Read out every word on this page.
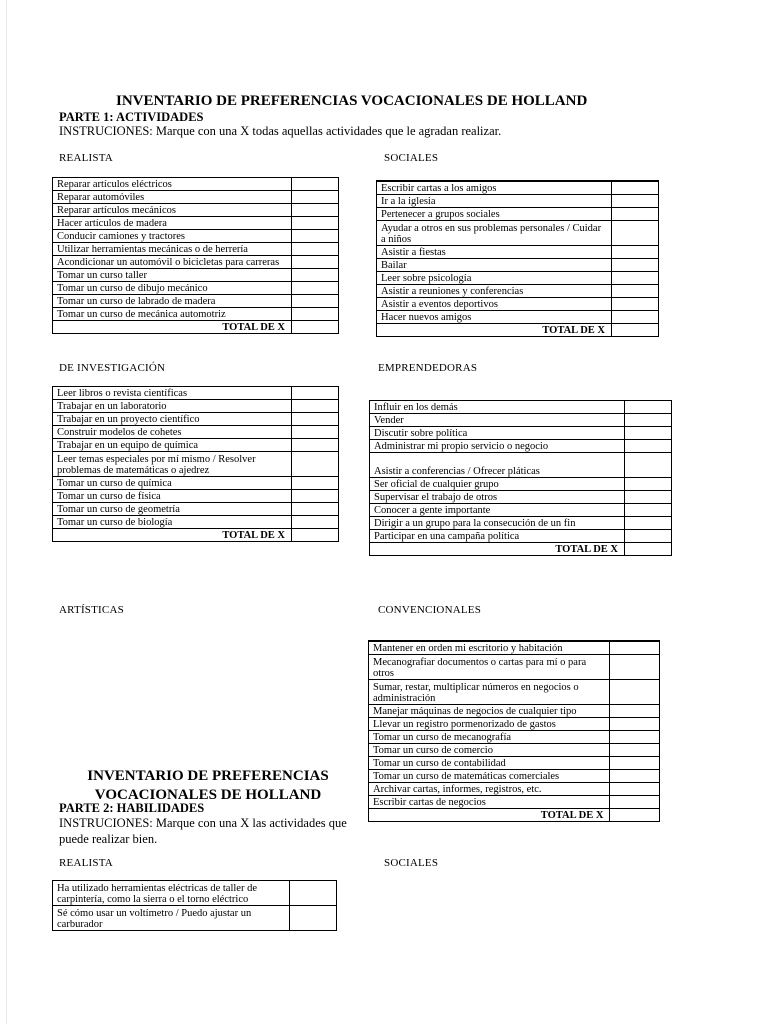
INVENTARIO DE PREFERENCIAS VOCACIONALES DE HOLLAND
PARTE 1: ACTIVIDADES
INSTRUCIONES: Marque con una X todas aquellas actividades que le agradan realizar.
REALISTA
Reparar artículos eléctricos	
Reparar automóviles	
Reparar artículos mecánicos	
Hacer artículos de madera	
Conducir camiones y tractores	
Utilizar herramientas mecánicas o de herrería	
Acondicionar un automóvil o bicicletas para carreras	
Tomar un curso taller	
Tomar un curso de dibujo mecánico	
Tomar un curso de labrado de madera	
Tomar un curso de mecánica automotriz	
TOTAL DE X	
SOCIALES
Escribir cartas a los amigos	
Ir a la iglesia	
Pertenecer a grupos sociales	
Ayudar a otros en sus problemas personales / Cuidar a niños	
Asistir a fiestas	
Bailar	
Leer sobre psicología	
Asistir a reuniones y conferencias	
Asistir a eventos deportivos	
Hacer nuevos amigos	
TOTAL DE X	
DE INVESTIGACIÓN
Leer libros o revista científicas	
Trabajar en un laboratorio	
Trabajar en un proyecto científico	
Construir modelos de cohetes	
Trabajar en un equipo de química	
Leer temas especiales por mí mismo / Resolver problemas de matemáticas o ajedrez	
Tomar un curso de química	
Tomar un curso de física	
Tomar un curso de geometría	
Tomar un curso de biología	
TOTAL DE X	
EMPRENDEDORAS
Influir en los demás	
Vender	
Discutir sobre política	
Administrar mi propio servicio o negocio	
Asistir a conferencias / Ofrecer pláticas	
Ser oficial de cualquier grupo	
Supervisar el trabajo de otros	
Conocer a gente importante	
Dirigir a un grupo para la consecución de un fin	
Participar en una campaña política	
TOTAL DE X	
ARTÍSTICAS	CONVENCIONALES
Mantener en orden mi escritorio y habitación	
Mecanografiar documentos o cartas para mí o para otros	
Sumar, restar, multiplicar números en negocios o administración	
Manejar máquinas de negocios de cualquier tipo	
Llevar un registro pormenorizado de gastos	
Tomar un curso de mecanografía	
Tomar un curso de comercio	
Tomar un curso de contabilidad	
Tomar un curso de matemáticas comerciales	
Archivar cartas, informes, registros, etc.	
Escribir cartas de negocios	
TOTAL DE X	
INVENTARIO DE PREFERENCIAS VOCACIONALES DE HOLLAND
PARTE 2: HABILIDADES
INSTRUCIONES: Marque con una X las actividades que puede realizar bien.
REALISTA	SOCIALES
Ha utilizado herramientas eléctricas de taller de carpintería, como la sierra o el torno eléctrico	
Sé cómo usar un voltímetro / Puedo ajustar un carburador	
